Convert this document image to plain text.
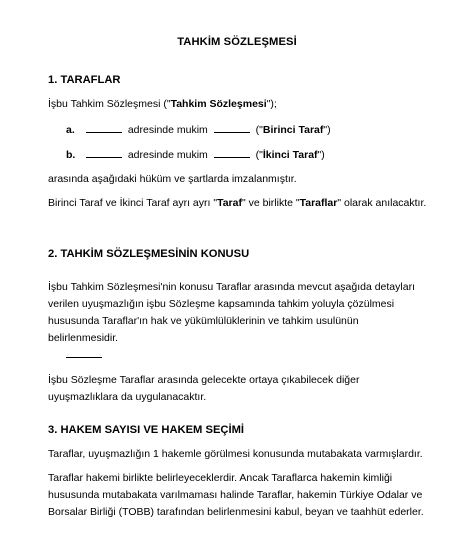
TAHKİM SÖZLEŞMESİ
1. TARAFLAR
İşbu Tahkim Sözleşmesi ("Tahkim Sözleşmesi");
a.	adresinde mukim	("Birinci Taraf")
b.	adresinde mukim	("İkinci Taraf")
arasında aşağıdaki hüküm ve şartlarda imzalanmıştır.
Birinci Taraf ve İkinci Taraf ayrı ayrı "Taraf" ve birlikte "Taraflar" olarak anılacaktır.
2. TAHKİM SÖZLEŞMESİNİN KONUSU
İşbu Tahkim Sözleşmesi'nin konusu Taraflar arasında mevcut aşağıda detayları verilen uyuşmazlığın işbu Sözleşme kapsamında tahkim yoluyla çözülmesi hususunda Taraflar'ın hak ve yükümlülüklerinin ve tahkim usulünün belirlenmesidir.
İşbu Sözleşme Taraflar arasında gelecekte ortaya çıkabilecek diğer uyuşmazlıklara da uygulanacaktır.
3. HAKEM SAYISI VE HAKEM SEÇİMİ
Taraflar, uyuşmazlığın 1 hakemle görülmesi konusunda mutabakata varmışlardır.
Taraflar hakemi birlikte belirleyeceklerdir. Ancak Taraflarca hakemin kimliği hususunda mutabakata varılmaması halinde Taraflar, hakemin Türkiye Odalar ve Borsalar Birliği (TOBB) tarafından belirlenmesini kabul, beyan ve taahhüt ederler.
